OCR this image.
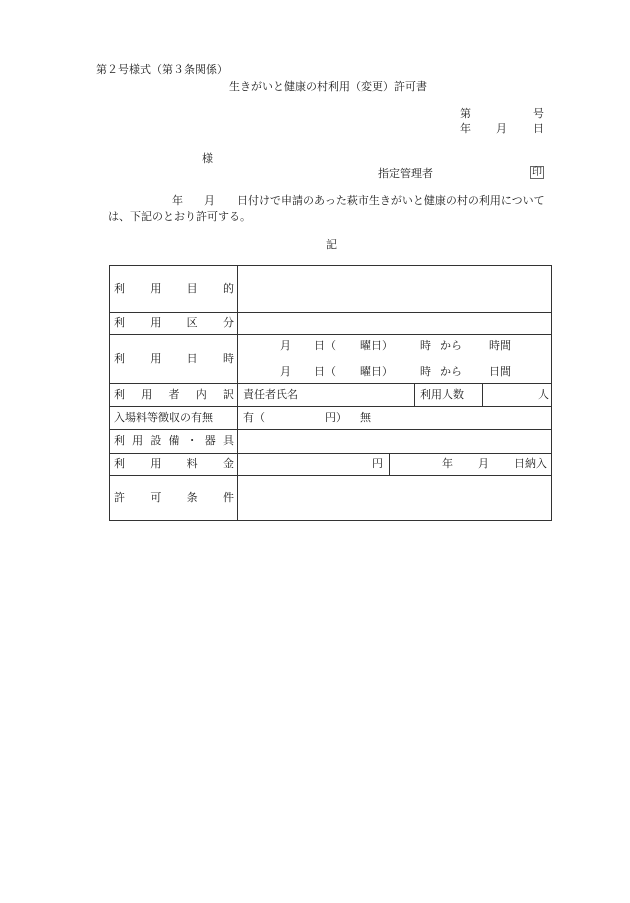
第２号様式（第３条関係）
生きがいと健康の村利用（変更）許可書
第	号
年 月 日
様
指定管理者	印
年 月 日付けで申請のあった萩市生きがいと健康の村の利用について
は、下記のとおり許可する。
記
利 用 目 的
利 用 区 分
利 用 日 時
月 日（ 曜日） 時 から 時間
月 日（ 曜日） 時 から 日間
利 用 者 内 訳 責任者氏名	利用人数	人
入場料等徴収の有無	有（	円） 無
利 用 設 備 ・ 器 具
利 用 料 金	円	年 月 日納入
許 可 条 件
